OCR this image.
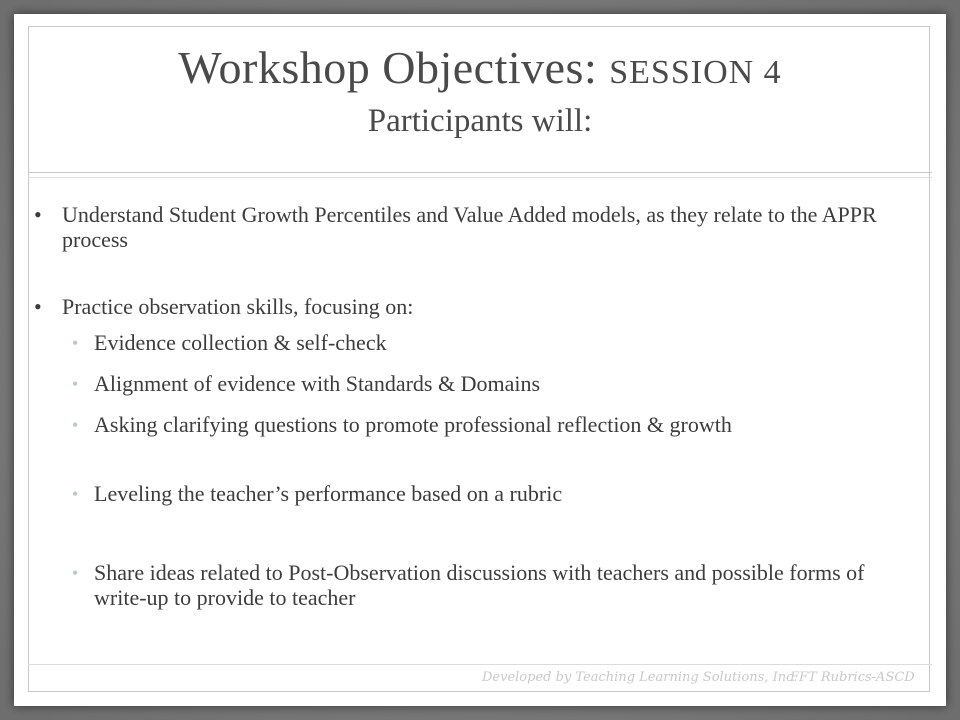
Workshop Objectives: SESSION 4
Participants will:
• Understand Student Growth Percentiles and Value Added models, as they relate to the APPR process
• Practice observation skills, focusing on:
• Evidence collection & self-check
• Alignment of evidence with Standards & Domains
• Asking clarifying questions to promote professional reflection & growth
• Leveling the teacher’s performance based on a rubric
• Share ideas related to Post-Observation discussions with teachers and possible forms of write-up to provide to teacher
Developed by Teaching Learning Solutions, Inc.
FFT Rubrics-ASCD
